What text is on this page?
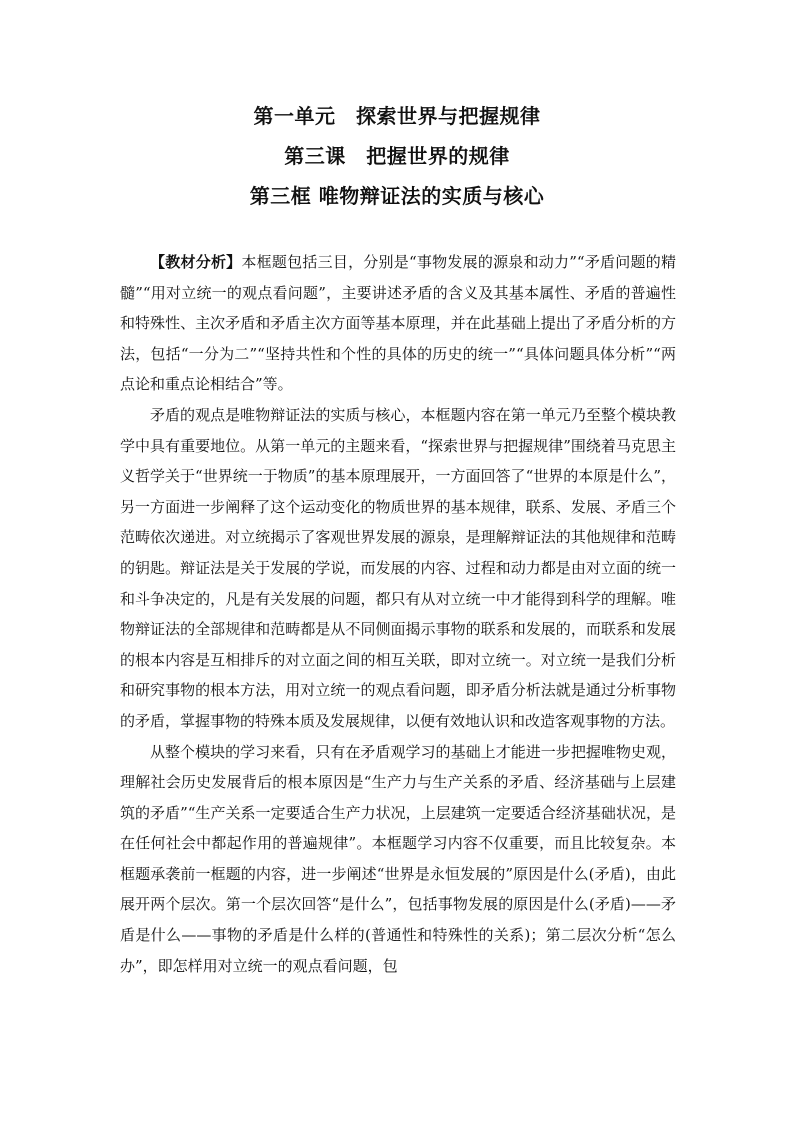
第一单元　探索世界与把握规律
第三课　把握世界的规律
第三框 唯物辩证法的实质与核心

【教材分析】本框题包括三目，分别是“事物发展的源泉和动力”“矛盾问题的精髓”“用对立统一的观点看问题”，主要讲述矛盾的含义及其基本属性、矛盾的普遍性和特殊性、主次矛盾和矛盾主次方面等基本原理，并在此基础上提出了矛盾分析的方法，包括“一分为二”“坚持共性和个性的具体的历史的统一”“具体问题具体分析”“两点论和重点论相结合”等。

矛盾的观点是唯物辩证法的实质与核心，本框题内容在第一单元乃至整个模块教学中具有重要地位。从第一单元的主题来看，“探索世界与把握规律”围绕着马克思主义哲学关于“世界统一于物质”的基本原理展开，一方面回答了“世界的本原是什么”，另一方面进一步阐释了这个运动变化的物质世界的基本规律，联系、发展、矛盾三个范畴依次递进。对立统揭示了客观世界发展的源泉，是理解辩证法的其他规律和范畴的钥匙。辩证法是关于发展的学说，而发展的内容、过程和动力都是由对立面的统一和斗争决定的，凡是有关发展的问题，都只有从对立统一中才能得到科学的理解。唯物辩证法的全部规律和范畴都是从不同侧面揭示事物的联系和发展的，而联系和发展的根本内容是互相排斥的对立面之间的相互关联，即对立统一。对立统一是我们分析和研究事物的根本方法，用对立统一的观点看问题，即矛盾分析法就是通过分析事物的矛盾，掌握事物的特殊本质及发展规律，以便有效地认识和改造客观事物的方法。

从整个模块的学习来看，只有在矛盾观学习的基础上才能进一步把握唯物史观，理解社会历史发展背后的根本原因是“生产力与生产关系的矛盾、经济基础与上层建筑的矛盾”“生产关系一定要适合生产力状况，上层建筑一定要适合经济基础状况，是在任何社会中都起作用的普遍规律”。本框题学习内容不仅重要，而且比较复杂。本框题承袭前一框题的内容，进一步阐述“世界是永恒发展的”原因是什么(矛盾)，由此展开两个层次。第一个层次回答“是什么”，包括事物发展的原因是什么(矛盾)——矛盾是什么——事物的矛盾是什么样的(普通性和特殊性的关系)；第二层次分析“怎么办”，即怎样用对立统一的观点看问题，包
